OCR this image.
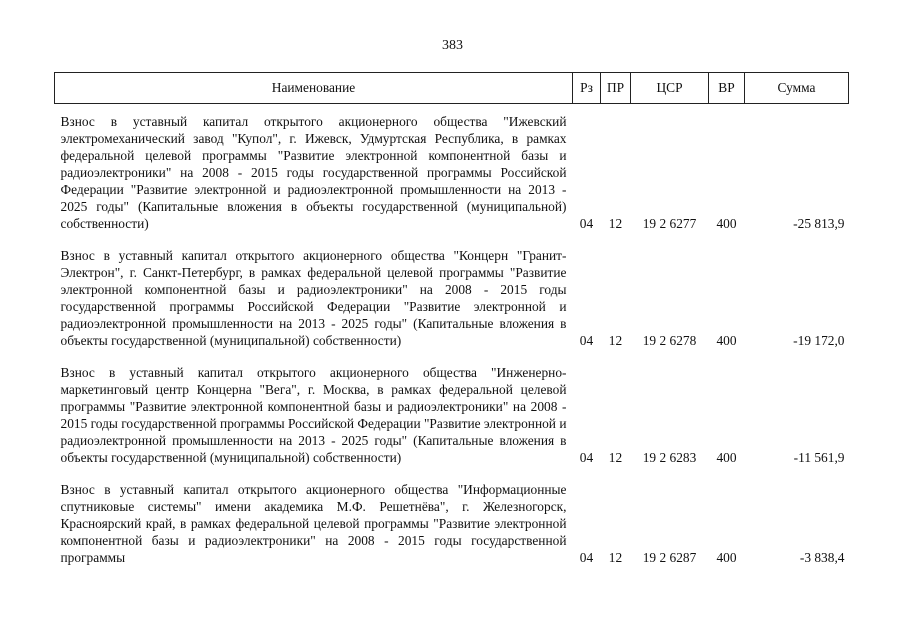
383
Наименование	Рз	ПР	ЦСР	ВР	Сумма
Взнос в уставный капитал открытого акционерного общества "Ижевский электромеханический завод "Купол", г. Ижевск, Удмуртская Республика, в рамках федеральной целевой программы "Развитие электронной компонентной базы и радиоэлектроники" на 2008 - 2015 годы государственной программы Российской Федерации "Развитие электронной и радиоэлектронной промышленности на 2013 - 2025 годы" (Капитальные вложения в объекты государственной (муниципальной) собственности)	04	12	19 2 6277	400	-25 813,9
Взнос в уставный капитал открытого акционерного общества "Концерн "Гранит-Электрон", г. Санкт-Петербург, в рамках федеральной целевой программы "Развитие электронной компонентной базы и радиоэлектроники" на 2008 - 2015 годы государственной программы Российской Федерации "Развитие электронной и радиоэлектронной промышленности на 2013 - 2025 годы" (Капитальные вложения в объекты государственной (муниципальной) собственности)	04	12	19 2 6278	400	-19 172,0
Взнос в уставный капитал открытого акционерного общества "Инженерно-маркетинговый центр Концерна "Вега", г. Москва, в рамках федеральной целевой программы "Развитие электронной компонентной базы и радиоэлектроники" на 2008 - 2015 годы государственной программы Российской Федерации "Развитие электронной и радиоэлектронной промышленности на 2013 - 2025 годы" (Капитальные вложения в объекты государственной (муниципальной) собственности)	04	12	19 2 6283	400	-11 561,9
Взнос в уставный капитал открытого акционерного общества "Информационные спутниковые системы" имени академика М.Ф. Решетнёва", г. Железногорск, Красноярский край, в рамках федеральной целевой программы "Развитие электронной компонентной базы и радиоэлектроники" на 2008 - 2015 годы государственной программы	04	12	19 2 6287	400	-3 838,4
